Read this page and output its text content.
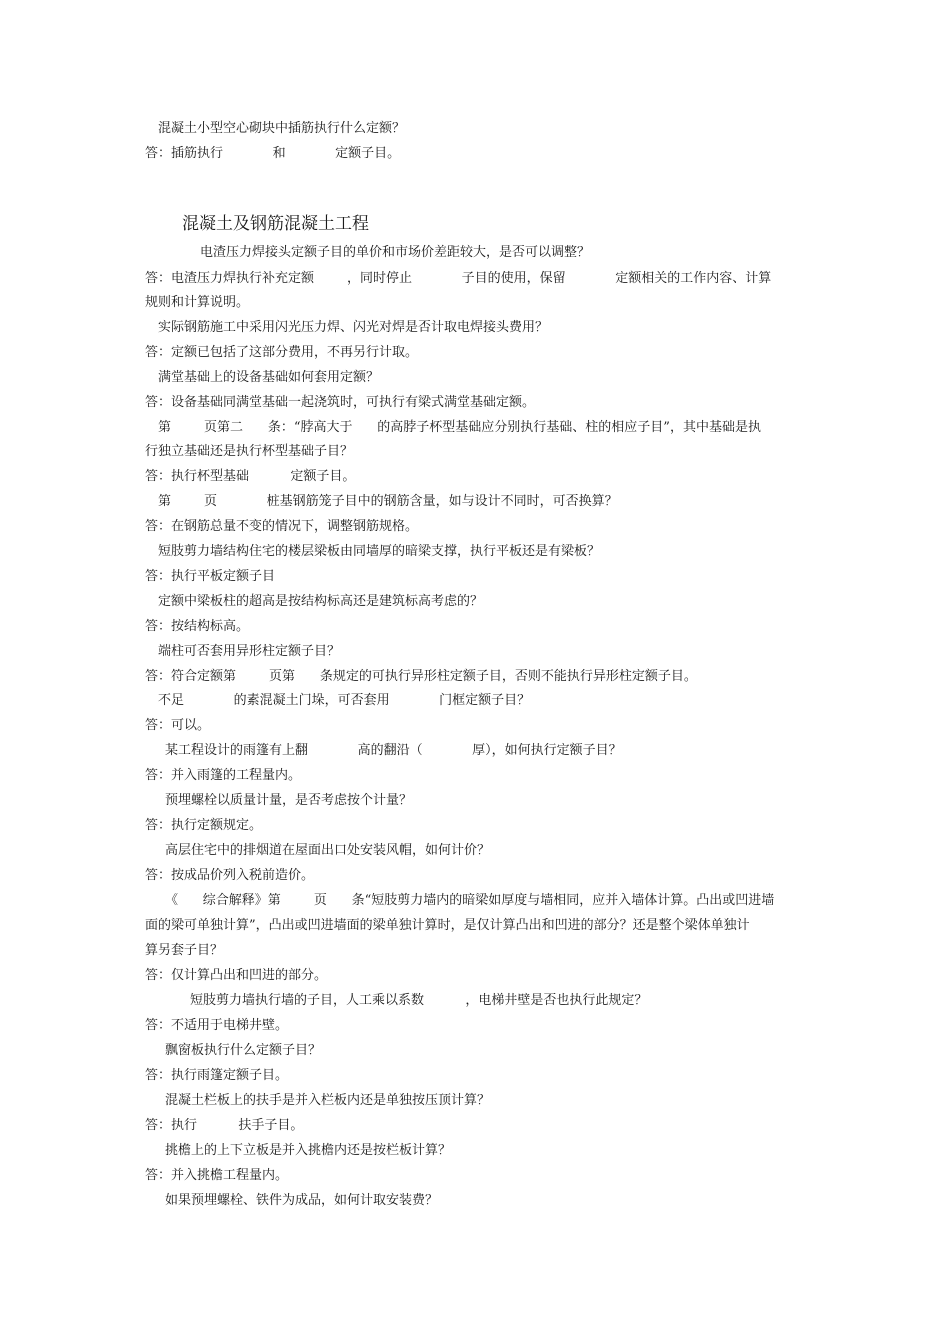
混凝土小型空心砌块中插筋执行什么定额？
答：插筋执行            和            定额子目。
混凝土及钢筋混凝土工程
电渣压力焊接头定额子目的单价和市场价差距较大，是否可以调整？
答：电渣压力焊执行补充定额        ，同时停止            子目的使用，保留            定额相关的工作内容、计算
规则和计算说明。
实际钢筋施工中采用闪光压力焊、闪光对焊是否计取电焊接头费用？
答：定额已包括了这部分费用，不再另行计取。
满堂基础上的设备基础如何套用定额？
答：设备基础同满堂基础一起浇筑时，可执行有梁式满堂基础定额。
第        页第二      条：“脖高大于      的高脖子杯型基础应分别执行基础、柱的相应子目”，其中基础是执
行独立基础还是执行杯型基础子目？
答：执行杯型基础          定额子目。
第        页            桩基钢筋笼子目中的钢筋含量，如与设计不同时，可否换算？
答：在钢筋总量不变的情况下，调整钢筋规格。
短肢剪力墙结构住宅的楼层梁板由同墙厚的暗梁支撑，执行平板还是有梁板？
答：执行平板定额子目
定额中梁板柱的超高是按结构标高还是建筑标高考虑的？
答：按结构标高。
端柱可否套用异形柱定额子目？
答：符合定额第        页第      条规定的可执行异形柱定额子目，否则不能执行异形柱定额子目。
不足            的素混凝土门垛，可否套用            门框定额子目？
答：可以。
某工程设计的雨篷有上翻            高的翻沿（            厚），如何执行定额子目？
答：并入雨篷的工程量内。
预埋螺栓以质量计量，是否考虑按个计量？
答：执行定额规定。
高层住宅中的排烟道在屋面出口处安装风帽，如何计价？
答：按成品价列入税前造价。
《      综合解释》第        页      条“短肢剪力墙内的暗梁如厚度与墙相同，应并入墙体计算。凸出或凹进墙
面的梁可单独计算”，凸出或凹进墙面的梁单独计算时，是仅计算凸出和凹进的部分？还是整个梁体单独计
算另套子目？
答：仅计算凸出和凹进的部分。
短肢剪力墙执行墙的子目，人工乘以系数          ，电梯井壁是否也执行此规定？
答：不适用于电梯井壁。
飘窗板执行什么定额子目？
答：执行雨篷定额子目。
混凝土栏板上的扶手是并入栏板内还是单独按压顶计算？
答：执行          扶手子目。
挑檐上的上下立板是并入挑檐内还是按栏板计算？
答：并入挑檐工程量内。
如果预埋螺栓、铁件为成品，如何计取安装费？
